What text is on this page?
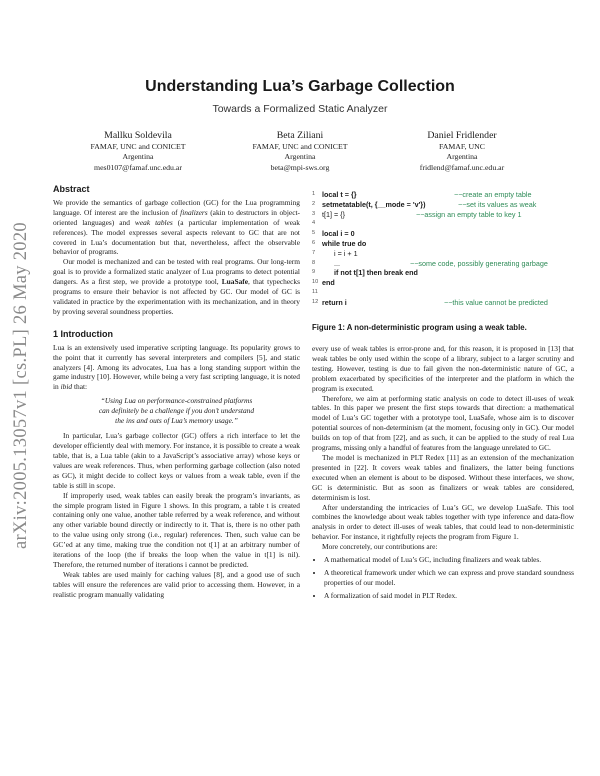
arXiv:2005.13057v1 [cs.PL] 26 May 2020
Understanding Lua’s Garbage Collection
Towards a Formalized Static Analyzer
Mallku Soldevila
FAMAF, UNC and CONICET
Argentina
mes0107@famaf.unc.edu.ar
Beta Ziliani
FAMAF, UNC and CONICET
Argentina
beta@mpi-sws.org
Daniel Fridlender
FAMAF, UNC
Argentina
fridlend@famaf.unc.edu.ar
Abstract

We provide the semantics of garbage collection (GC) for the Lua programming language. Of interest are the inclusion of finalizers (akin to destructors in object-oriented languages) and weak tables (a particular implementation of weak references). The model expresses several aspects relevant to GC that are not covered in Lua’s documentation but that, nevertheless, affect the observable behavior of programs.

Our model is mechanized and can be tested with real programs. Our long-term goal is to provide a formalized static analyzer of Lua programs to detect potential dangers. As a first step, we provide a prototype tool, LuaSafe, that typechecks programs to ensure their behavior is not affected by GC. Our model of GC is validated in practice by the experimentation with its mechanization, and in theory by proving several soundness properties.

1 Introduction

Lua is an extensively used imperative scripting language. Its popularity grows to the point that it currently has several interpreters and compilers [5], and static analyzers [4]. Among its advocates, Lua has a long standing support within the game industry [10]. However, while being a very fast scripting language, it is noted in ibid that:

“Using Lua on performance-constrained platforms
can definitely be a challenge if you don’t understand
the ins and outs of Lua’s memory usage.”

In particular, Lua’s garbage collector (GC) offers a rich interface to let the developer efficiently deal with memory. For instance, it is possible to create a weak table, that is, a Lua table (akin to a JavaScript’s associative array) whose keys or values are weak references. Thus, when performing garbage collection (also noted as GC), it might decide to collect keys or values from a weak table, even if the table is still in scope.

If improperly used, weak tables can easily break the program’s invariants, as the simple program listed in Figure 1 shows. In this program, a table t is created containing only one value, another table referred by a weak reference, and without any other variable bound directly or indirectly to it. That is, there is no other path to the value using only strong (i.e., regular) references. Then, such value can be GC’ed at any time, making true the condition not t[1] at an arbitrary number of iterations of the loop (the if breaks the loop when the value in t[1] is nil). Therefore, the returned number of iterations i cannot be predicted.

Weak tables are used mainly for caching values [8], and a good use of such tables will ensure the references are valid prior to accessing them. However, in a realistic program manually validating

1 local t = {}	−−create an empty table
2 setmetatable(t, {__mode = 'v'})	−−set its values as weak
3 t[1] = {}	−−assign an empty table to key 1
4
5 local i = 0
6 while true do
7	i = i + 1
8	...	−−some code, possibly generating garbage
9	if not t[1] then break end
10 end
11
12 return i	−−this value cannot be predicted
Figure 1: A non-deterministic program using a weak table.

every use of weak tables is error-prone and, for this reason, it is proposed in [13] that weak tables be only used within the scope of a library, subject to a larger scrutiny and testing. However, testing is due to fail given the non-deterministic nature of GC, a problem exacerbated by specificities of the interpreter and the platform in which the program is executed.

Therefore, we aim at performing static analysis on code to detect ill-uses of weak tables. In this paper we present the first steps towards that direction: a mathematical model of Lua’s GC together with a prototype tool, LuaSafe, whose aim is to discover potential sources of non-determinism (at the moment, focusing only in GC). Our model builds on top of that from [22], and as such, it can be applied to the study of real Lua programs, missing only a handful of features from the language unrelated to GC.

The model is mechanized in PLT Redex [11] as an extension of the mechanization presented in [22]. It covers weak tables and finalizers, the latter being functions executed when an element is about to be disposed. Without these interfaces, we show, GC is deterministic. But as soon as finalizers or weak tables are considered, determinism is lost.

After understanding the intricacies of Lua’s GC, we develop LuaSafe. This tool combines the knowledge about weak tables together with type inference and data-flow analysis in order to detect ill-uses of weak tables, that could lead to non-deterministic behavior. For instance, it rightfully rejects the program from Figure 1.

More concretely, our contributions are:

• A mathematical model of Lua’s GC, including finalizers and weak tables.
• A theoretical framework under which we can express and prove standard soundness properties of our model.
• A formalization of said model in PLT Redex.
